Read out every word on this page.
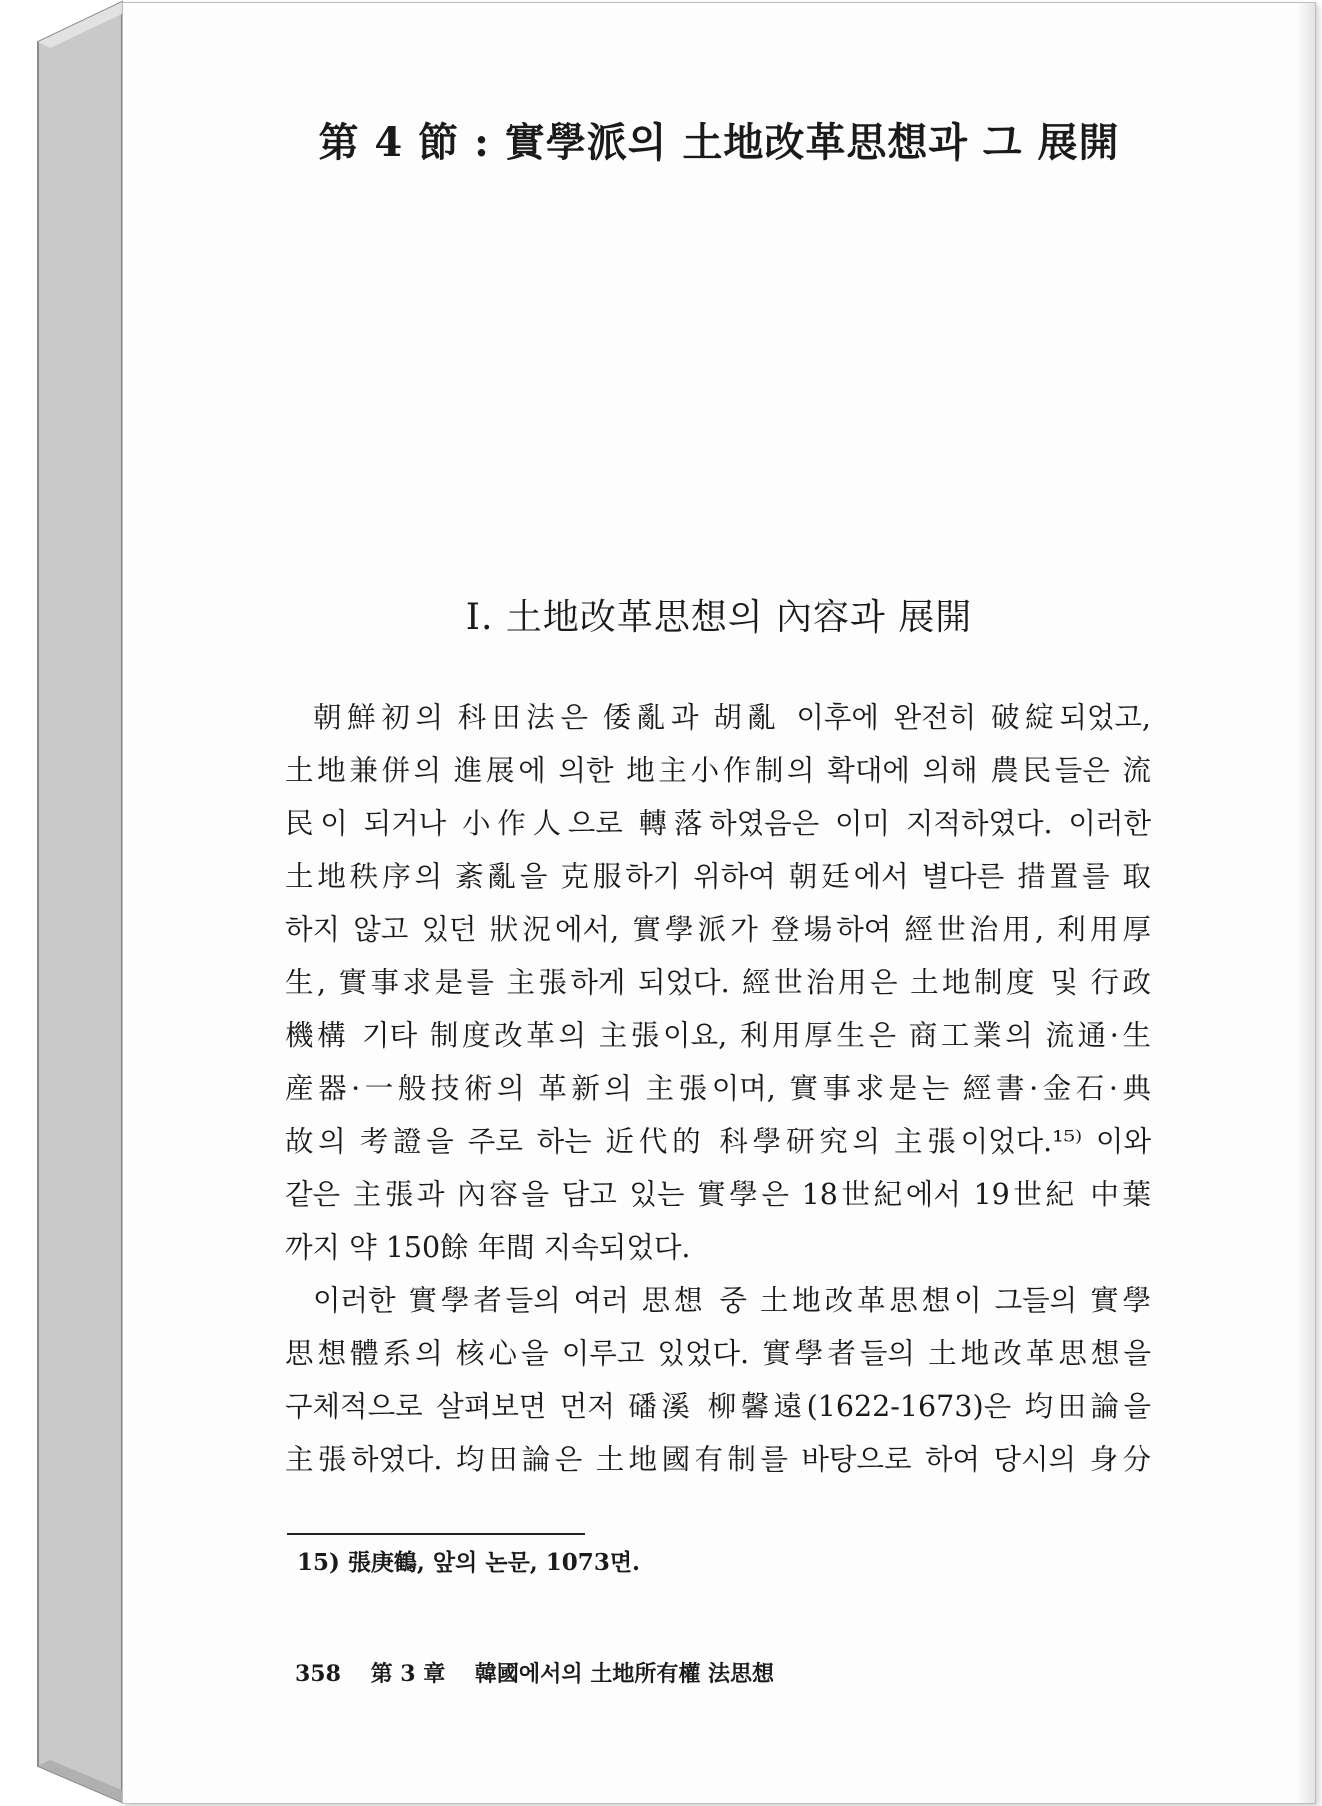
第 4 節 : 實學派의 土地改革思想과 그 展開
Ⅰ. 土地改革思想의 內容과 展開
朝鮮初의 科田法은 倭亂과 胡亂 이후에 완전히 破綻되었고,
土地兼併의 進展에 의한 地主小作制의 확대에 의해 農民들은 流
民이 되거나 小作人으로 轉落하였음은 이미 지적하였다. 이러한
土地秩序의 紊亂을 克服하기 위하여 朝廷에서 별다른 措置를 取
하지 않고 있던 狀況에서, 實學派가 登場하여 經世治用, 利用厚
生, 實事求是를 主張하게 되었다. 經世治用은 土地制度 및 行政
機構 기타 制度改革의 主張이요, 利用厚生은 商工業의 流通·生
産器·一般技術의 革新의 主張이며, 實事求是는 經書·金石·典
故의 考證을 주로 하는 近代的 科學研究의 主張이었다.¹⁵⁾ 이와
같은 主張과 內容을 담고 있는 實學은 18世紀에서 19世紀 中葉
까지 약 150餘 年間 지속되었다.
이러한 實學者들의 여러 思想 중 土地改革思想이 그들의 實學
思想體系의 核心을 이루고 있었다. 實學者들의 土地改革思想을
구체적으로 살펴보면 먼저 磻溪 柳馨遠(1622-1673)은 均田論을
主張하였다. 均田論은 土地國有制를 바탕으로 하여 당시의 身分
15) 張庚鶴, 앞의 논문, 1073면.
358 第 3 章 韓國에서의 土地所有權 法思想
